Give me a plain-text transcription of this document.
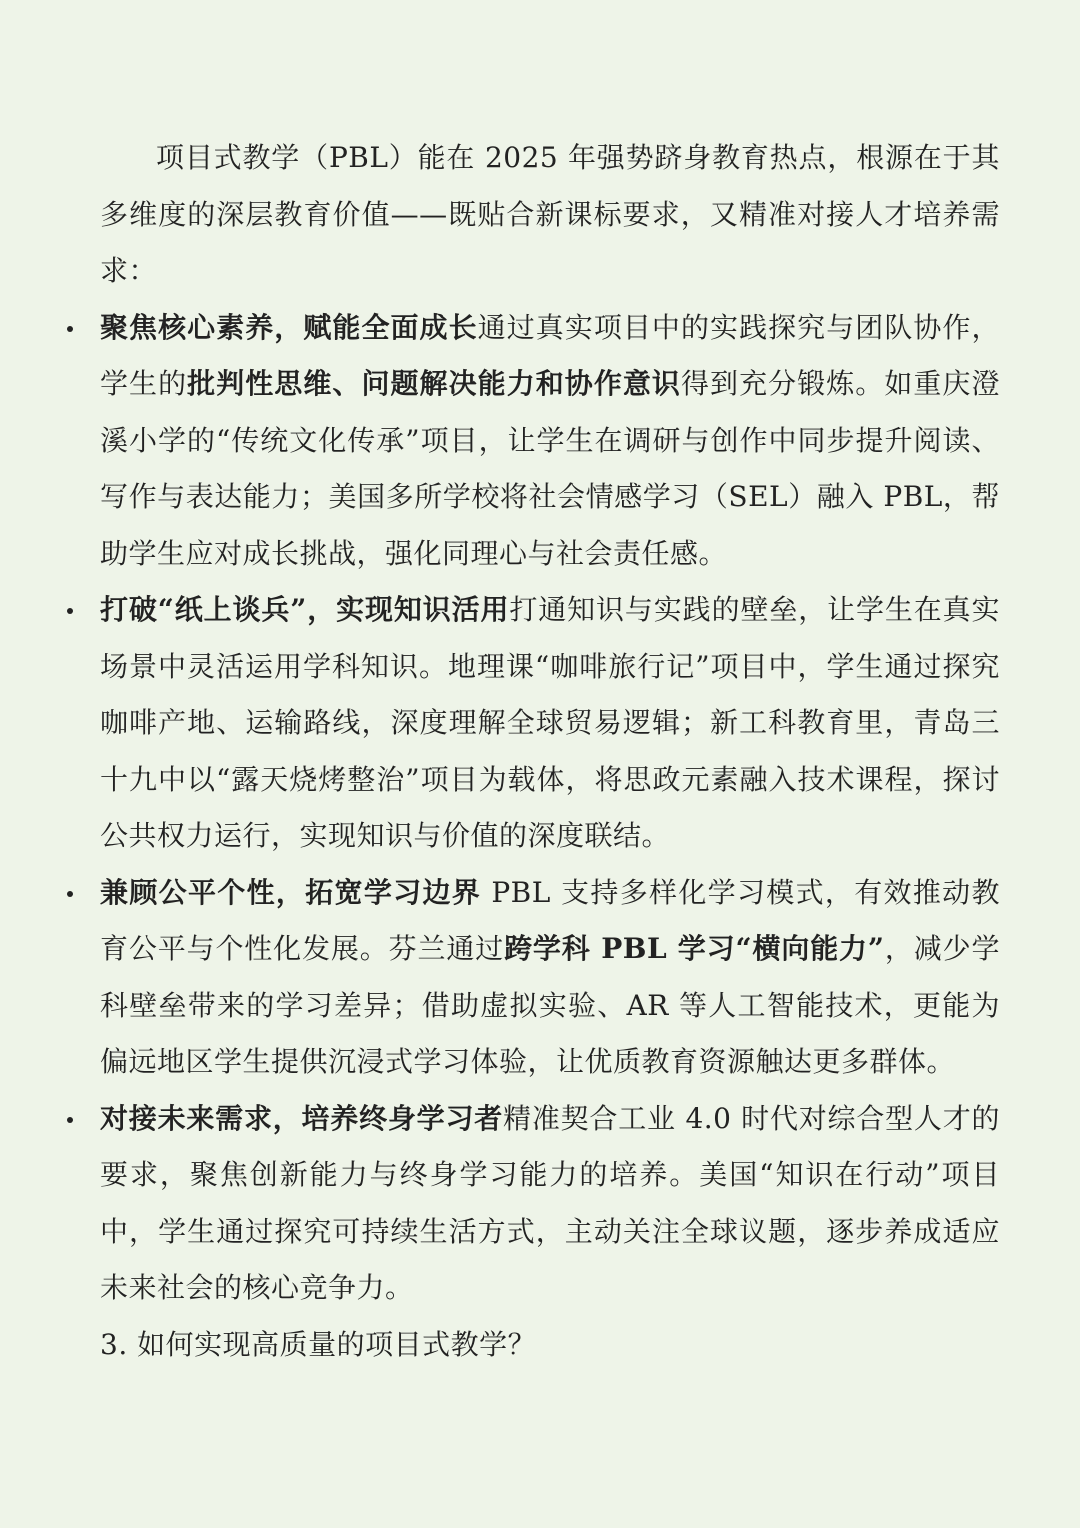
项目式教学（PBL）能在 2025 年强势跻身教育热点，根源在于其多维度的深层教育价值——既贴合新课标要求，又精准对接人才培养需求：

聚焦核心素养，赋能全面成长通过真实项目中的实践探究与团队协作，学生的批判性思维、问题解决能力和协作意识得到充分锻炼。如重庆澄溪小学的“传统文化传承”项目，让学生在调研与创作中同步提升阅读、写作与表达能力；美国多所学校将社会情感学习（SEL）融入 PBL，帮助学生应对成长挑战，强化同理心与社会责任感。
打破“纸上谈兵”，实现知识活用打通知识与实践的壁垒，让学生在真实场景中灵活运用学科知识。地理课“咖啡旅行记”项目中，学生通过探究咖啡产地、运输路线，深度理解全球贸易逻辑；新工科教育里，青岛三十九中以“露天烧烤整治”项目为载体，将思政元素融入技术课程，探讨公共权力运行，实现知识与价值的深度联结。
兼顾公平个性，拓宽学习边界 PBL 支持多样化学习模式，有效推动教育公平与个性化发展。芬兰通过跨学科 PBL 学习“横向能力”，减少学科壁垒带来的学习差异；借助虚拟实验、AR 等人工智能技术，更能为偏远地区学生提供沉浸式学习体验，让优质教育资源触达更多群体。
对接未来需求，培养终身学习者精准契合工业 4.0 时代对综合型人才的要求，聚焦创新能力与终身学习能力的培养。美国“知识在行动”项目中，学生通过探究可持续生活方式，主动关注全球议题，逐步养成适应未来社会的核心竞争力。

3. 如何实现高质量的项目式教学？
